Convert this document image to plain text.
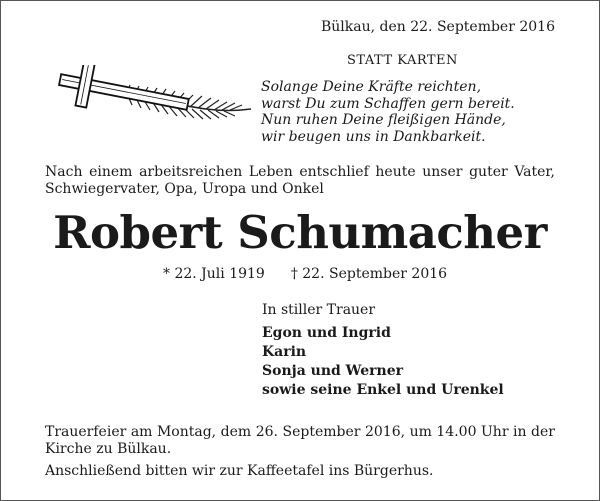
Bülkau, den 22. September 2016
STATT KARTEN
Solange Deine Kräfte reichten,
warst Du zum Schaffen gern bereit.
Nun ruhen Deine fleißigen Hände,
wir beugen uns in Dankbarkeit.
Nach einem arbeitsreichen Leben entschlief heute unser guter Vater, Schwiegervater, Opa, Uropa und Onkel
Robert Schumacher
* 22. Juli 1919 † 22. September 2016
In stiller Trauer
Egon und Ingrid
Karin
Sonja und Werner
sowie seine Enkel und Urenkel
Trauerfeier am Montag, dem 26. September 2016, um 14.00 Uhr in der Kirche zu Bülkau.
Anschließend bitten wir zur Kaffeetafel ins Bürgerhus.
